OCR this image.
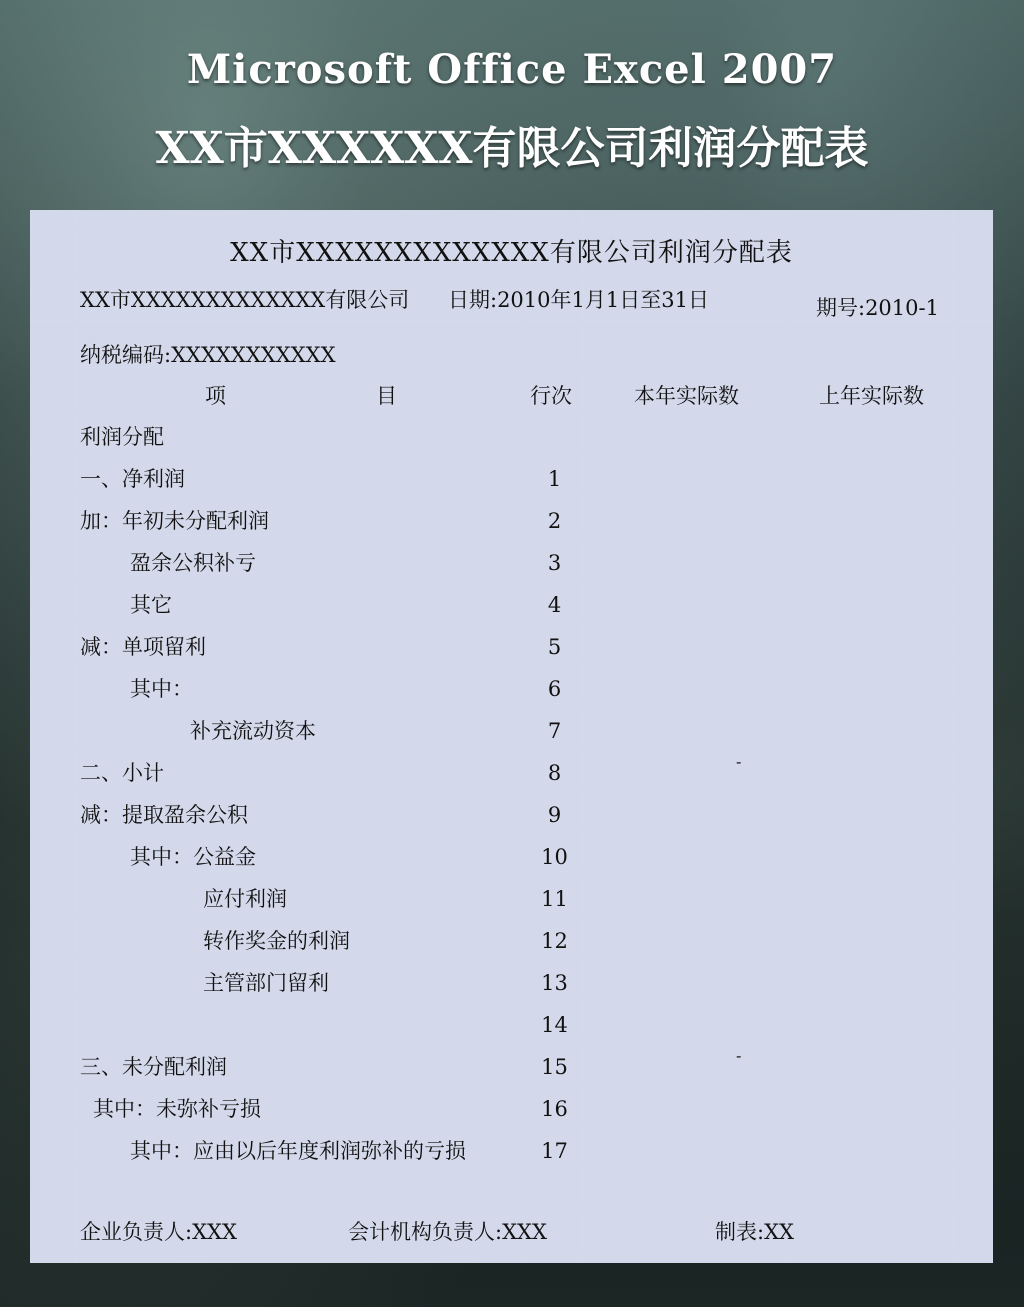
Microsoft Office Excel 2007
XX市XXXXXX有限公司利润分配表
XX市XXXXXXXXXXXXX有限公司利润分配表
XX市XXXXXXXXXXXXX有限公司 日期:2010年1月1日至31日	期号:2010-1
纳税编码:XXXXXXXXXXX
项	目	行次	本年实际数	上年实际数
利润分配
一、净利润	1
加：年初未分配利润	2
盈余公积补亏	3
其它	4
减：单项留利	5
其中：	6
补充流动资本	7
二、小计	8	-
减：提取盈余公积	9
其中：公益金	10
应付利润	11
转作奖金的利润	12
主管部门留利	13
14
三、未分配利润	15	-
其中：未弥补亏损	16
其中：应由以后年度利润弥补的亏损	17
企业负责人:XXX	会计机构负责人:XXX	制表:XX
